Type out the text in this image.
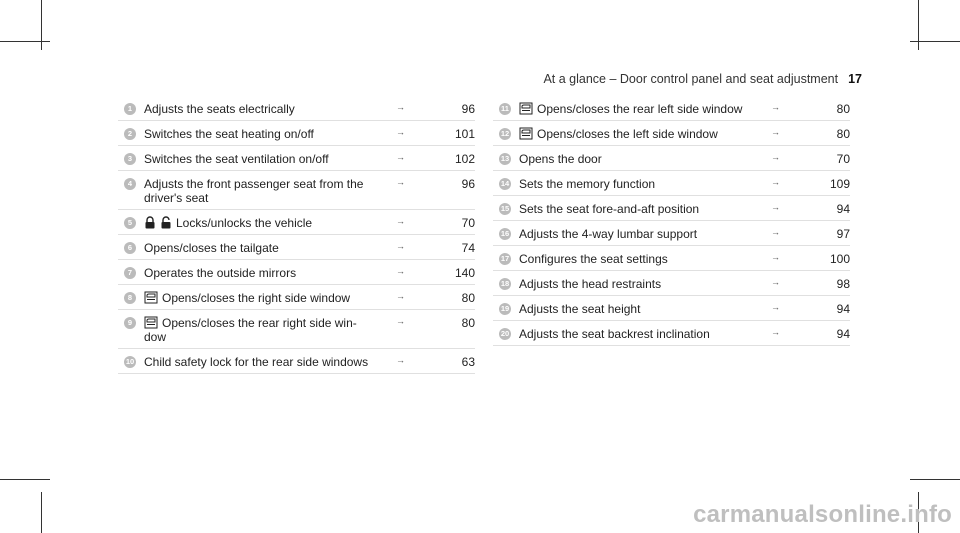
At a glance – Door control panel and seat adjustment 17
1 Adjusts the seats electrically	→	96
2 Switches the seat heating on/off	→	101
3 Switches the seat ventilation on/off	→	102
4 Adjusts the front passenger seat from the driver's seat
→	96
5	Locks/unlocks the vehicle	→	70
6 Opens/closes the tailgate	→	74
7 Operates the outside mirrors	→	140
8	Opens/closes the right side window	→	80
9	Opens/closes the rear right side win-dow
→	80
10 Child safety lock for the rear side windows	→	63
11	Opens/closes the rear left side window	→	80
12	Opens/closes the left side window	→	80
13 Opens the door	→	70
14 Sets the memory function	→	109
15 Sets the seat fore-and-aft position	→	94
16 Adjusts the 4-way lumbar support	→	97
17 Configures the seat settings	→	100
18 Adjusts the head restraints	→	98
19 Adjusts the seat height	→	94
20 Adjusts the seat backrest inclination	→	94
carmanualsonline.info
